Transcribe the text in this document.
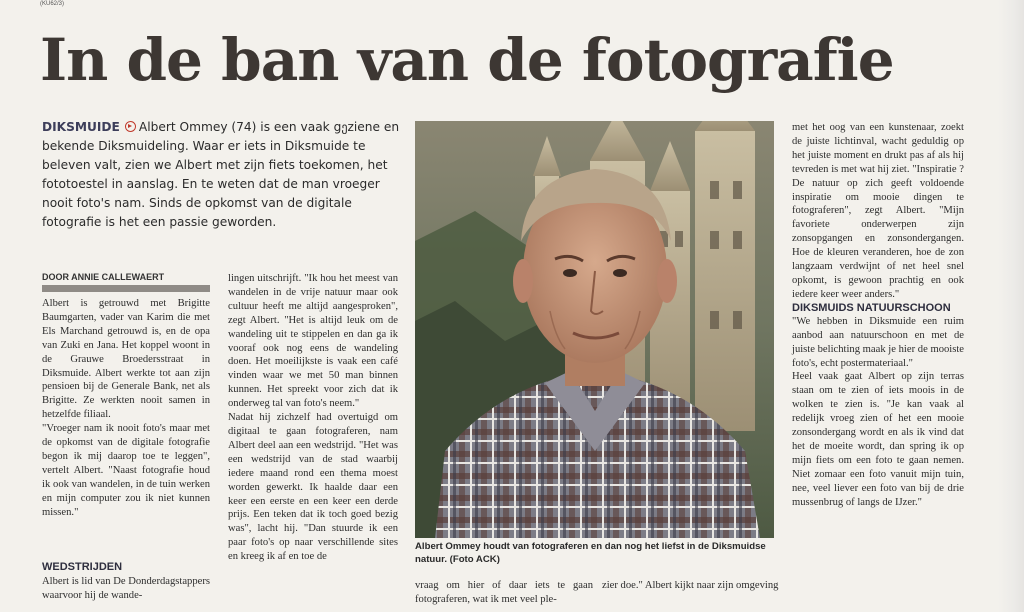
(KU62/3)
In de ban van de fotografie

DIKSMUIDE Albert Ommey (74) is een vaak gეziene en bekende Diksmuideling. Waar er iets in Diksmuide te beleven valt, zien we Albert met zijn fiets toekomen, het fototoestel in aanslag. En te weten dat de man vroeger nooit foto's nam. Sinds de opkomst van de digitale fotografie is het een passie geworden.

DOOR ANNIE CALLEWAERT

Albert is getrouwd met Brigitte Baumgarten, vader van Karim die met Els Marchand getrouwd is, en de opa van Zuki en Jana. Het koppel woont in de Grauwe Broedersstraat in Diksmuide. Albert werkte tot aan zijn pensioen bij de Generale Bank, net als Brigitte. Ze werkten nooit samen in hetzelfde filiaal.

"Vroeger nam ik nooit foto's maar met de opkomst van de digitale fotografie begon ik mij daarop toe te leggen", vertelt Albert. "Naast fotografie houd ik ook van wandelen, in de tuin werken en mijn computer zou ik niet kunnen missen."

WEDSTRIJDEN

Albert is lid van De Donderdagstappers waarvoor hij de wande-

lingen uitschrijft. "Ik hou het meest van wandelen in de vrije natuur maar ook cultuur heeft me altijd aangesproken", zegt Albert. "Het is altijd leuk om de wandeling uit te stippelen en dan ga ik vooraf ook nog eens de wandeling doen. Het moeilijkste is vaak een café vinden waar we met 50 man binnen kunnen. Het spreekt voor zich dat ik onderweg tal van foto's neem."

Nadat hij zichzelf had overtuigd om digitaal te gaan fotograferen, nam Albert deel aan een wedstrijd. "Het was een wedstrijd van de stad waarbij iedere maand rond een thema moest worden gewerkt. Ik haalde daar een keer een eerste en een keer een derde prijs. Een teken dat ik toch goed bezig was", lacht hij. "Dan stuurde ik een paar foto's op naar verschillende sites en kreeg ik af en toe de

Albert Ommey houdt van fotograferen en dan nog het liefst in de Diksmuidse natuur. (Foto ACK)

vraag om hier of daar iets te gaan fotograferen, wat ik met veel ple-

zier doe." Albert kijkt naar zijn omgeving

met het oog van een kunstenaar, zoekt de juiste lichtinval, wacht geduldig op het juiste moment en drukt pas af als hij tevreden is met wat hij ziet. "Inspiratie ? De natuur op zich geeft voldoende inspiratie om mooie dingen te fotograferen", zegt Albert. "Mijn favoriete onderwerpen zijn zonsopgangen en zonsondergangen. Hoe de kleuren veranderen, hoe de zon langzaam verdwijnt of net heel snel opkomt, is gewoon prachtig en ook iedere keer weer anders."

DIKSMUIDS NATUURSCHOON

"We hebben in Diksmuide een ruim aanbod aan natuurschoon en met de juiste belichting maak je hier de mooiste foto's, echt postermateriaal."

Heel vaak gaat Albert op zijn terras staan om te zien of iets moois in de wolken te zien is. "Je kan vaak al redelijk vroeg zien of het een mooie zonsondergang wordt en als ik vind dat het de moeite wordt, dan spring ik op mijn fiets om een foto te gaan nemen. Niet zomaar een foto vanuit mijn tuin, nee, veel liever een foto van bij de drie mussenbrug of langs de IJzer."
